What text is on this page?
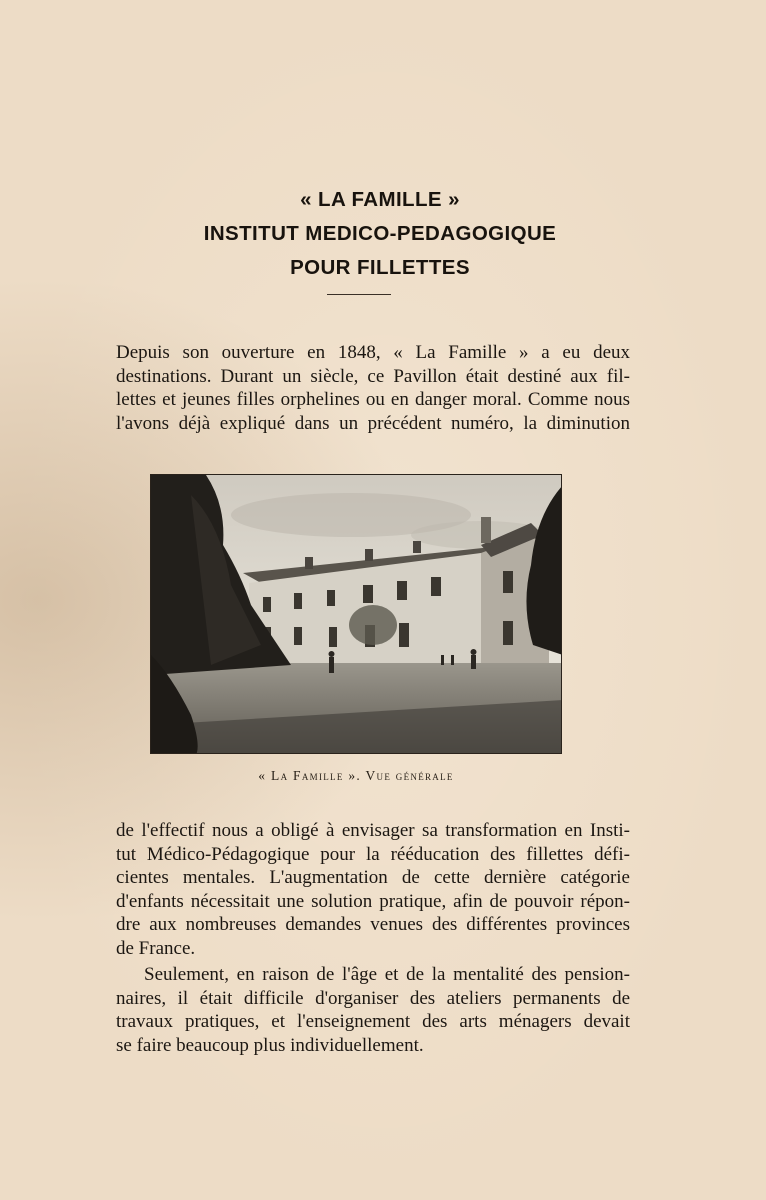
« LA FAMILLE »
INSTITUT MEDICO-PEDAGOGIQUE
POUR FILLETTES
Depuis son ouverture en 1848, « La Famille » a eu deux
destinations. Durant un siècle, ce Pavillon était destiné aux fil-
lettes et jeunes filles orphelines ou en danger moral. Comme nous
l'avons déjà expliqué dans un précédent numéro, la diminution
« La Famille ». Vue générale
de l'effectif nous a obligé à envisager sa transformation en Insti-
tut Médico-Pédagogique pour la rééducation des fillettes défi-
cientes mentales. L'augmentation de cette dernière catégorie
d'enfants nécessitait une solution pratique, afin de pouvoir répon-
dre aux nombreuses demandes venues des différentes provinces
de France.
Seulement, en raison de l'âge et de la mentalité des pension-
naires, il était difficile d'organiser des ateliers permanents de
travaux pratiques, et l'enseignement des arts ménagers devait
se faire beaucoup plus individuellement.
